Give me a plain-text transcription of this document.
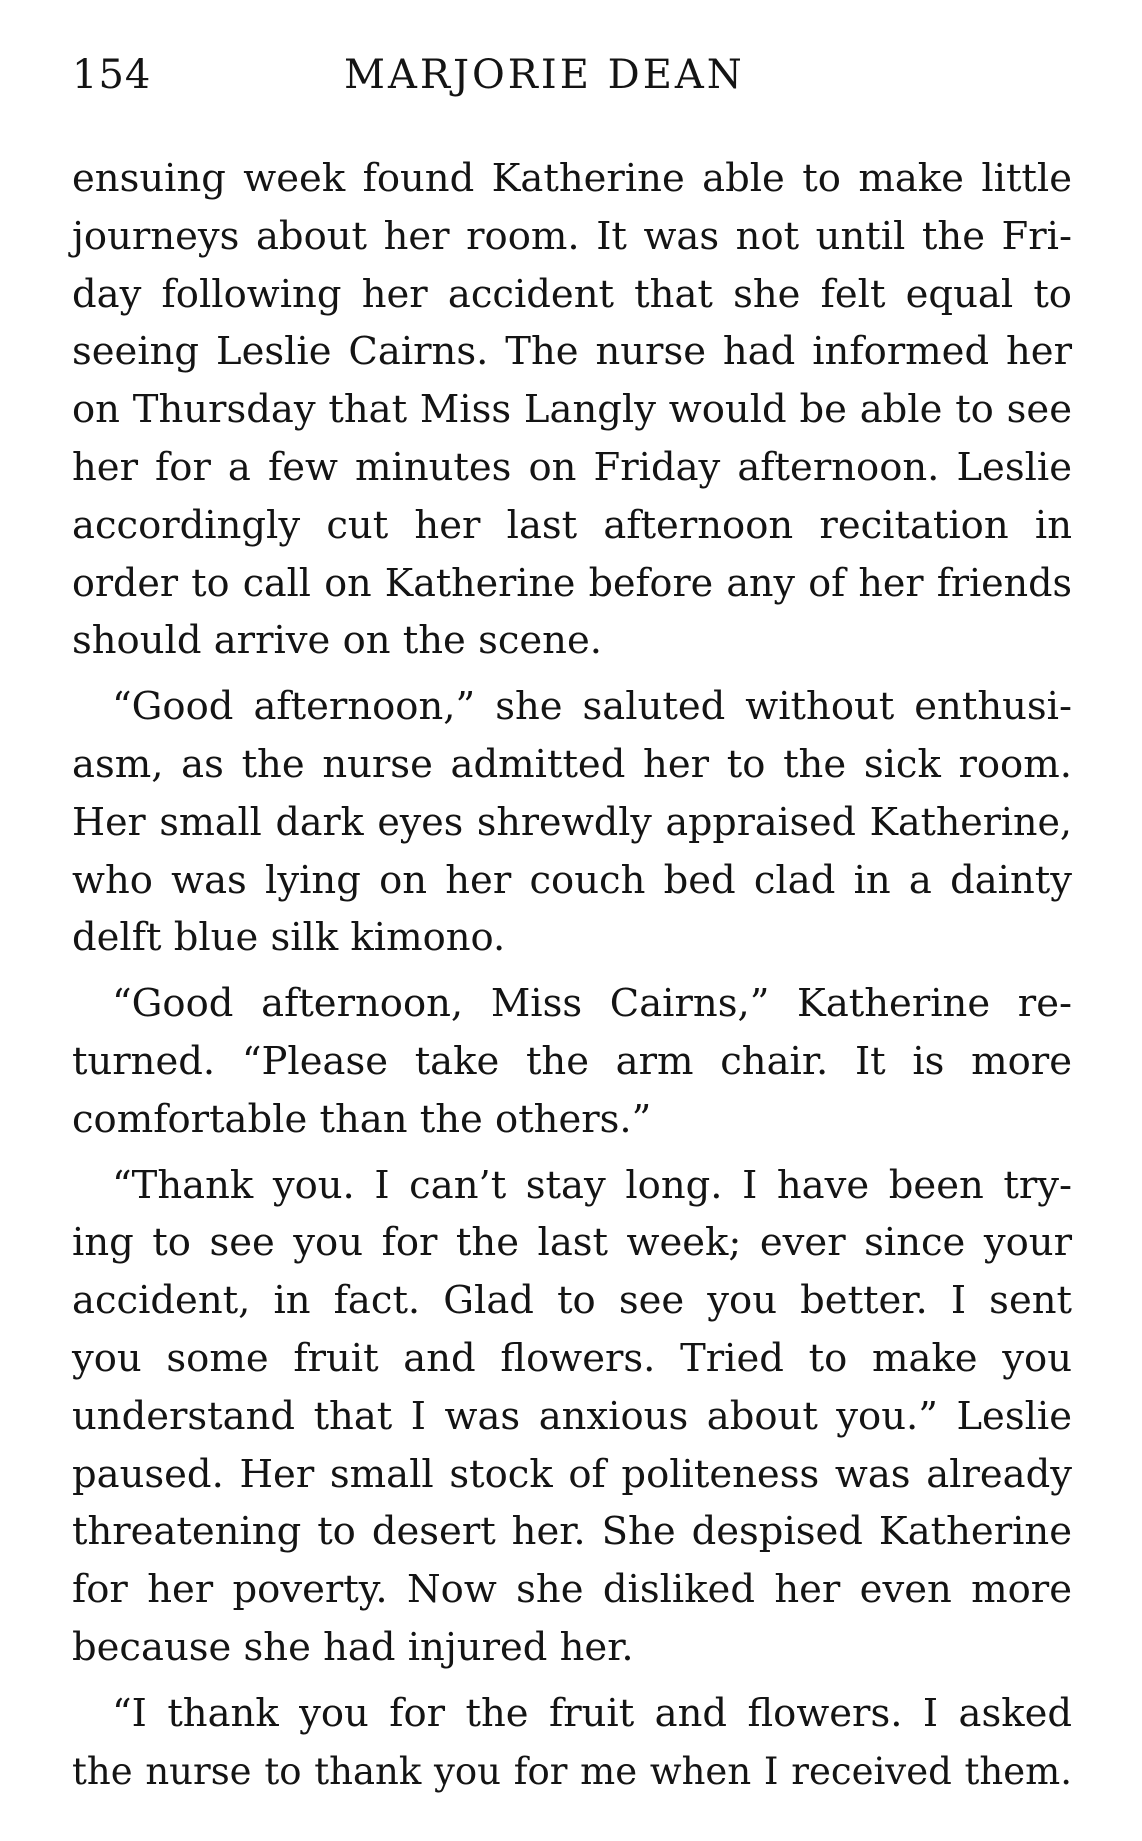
154	MARJORIE DEAN
ensuing week found Katherine able to make little
journeys about her room. It was not until the Fri-
day following her accident that she felt equal to
seeing Leslie Cairns. The nurse had informed her
on Thursday that Miss Langly would be able to see
her for a few minutes on Friday afternoon. Leslie
accordingly cut her last afternoon recitation in
order to call on Katherine before any of her friends
should arrive on the scene.
“Good afternoon,” she saluted without enthusi-
asm, as the nurse admitted her to the sick room.
Her small dark eyes shrewdly appraised Katherine,
who was lying on her couch bed clad in a dainty
delft blue silk kimono.
“Good afternoon, Miss Cairns,” Katherine re-
turned. “Please take the arm chair. It is more
comfortable than the others.”
“Thank you. I can’t stay long. I have been try-
ing to see you for the last week; ever since your
accident, in fact. Glad to see you better. I sent
you some fruit and flowers. Tried to make you
understand that I was anxious about you.” Leslie
paused. Her small stock of politeness was already
threatening to desert her. She despised Katherine
for her poverty. Now she disliked her even more
because she had injured her.
“I thank you for the fruit and flowers. I asked
the nurse to thank you for me when I received them.
